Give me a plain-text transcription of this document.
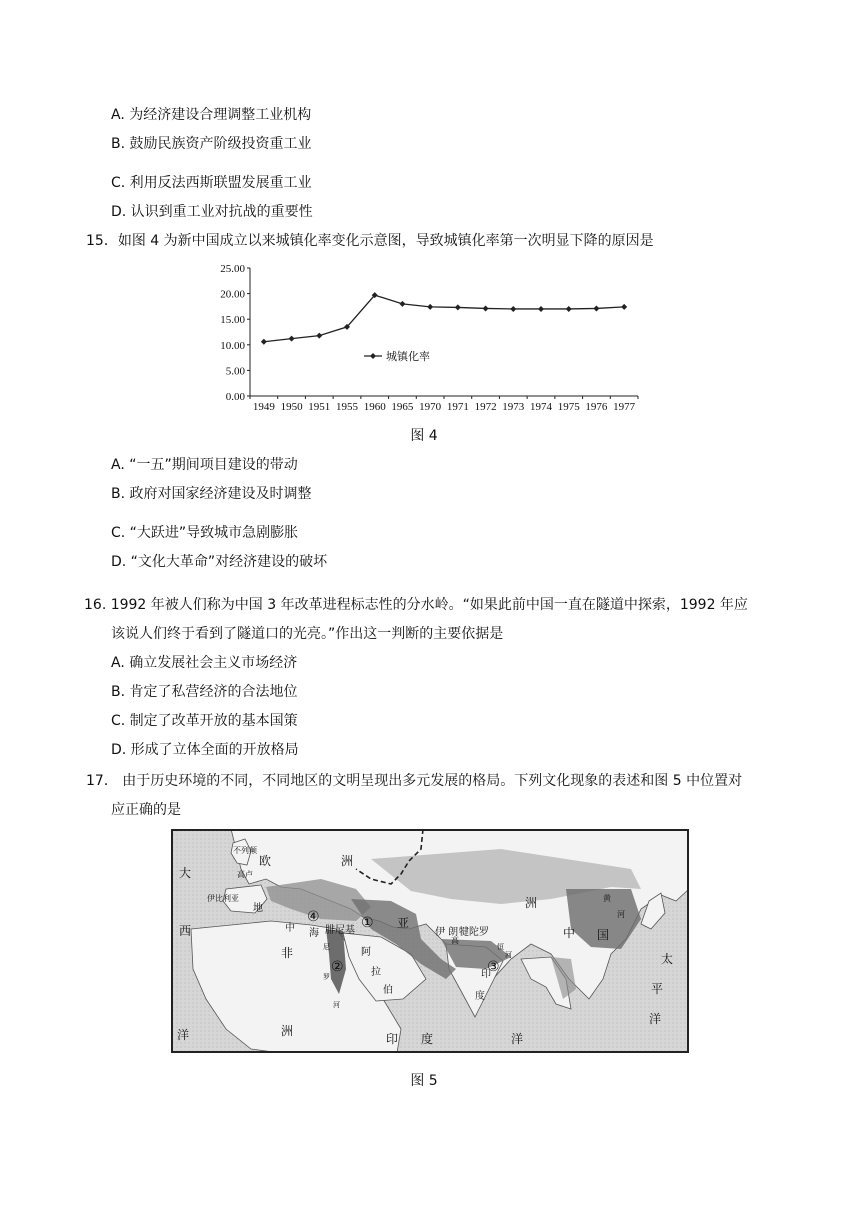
A. 为经济建设合理调整工业机构
B. 鼓励民族资产阶级投资重工业
C. 利用反法西斯联盟发展重工业
D. 认识到重工业对抗战的重要性
15．如图 4 为新中国成立以来城镇化率变化示意图，导致城镇化率第一次明显下降的原因是
0.00
5.00
10.00
15.00
20.00
25.00
1949 1950 1951 1955 1960 1965 1970 1971 1972 1973 1974 1975 1976 1977
城镇化率
图 4
A. “一五”期间项目建设的带动
B. 政府对国家经济建设及时调整
C. “大跃进”导致城市急剧膨胀
D. “文化大革命”对经济建设的破坏
16. 1992 年被人们称为中国 3 年改革进程标志性的分水岭。“如果此前中国一直在隧道中探索，1992 年应
该说人们终于看到了隧道口的光亮。”作出这一判断的主要依据是
A. 确立发展社会主义市场经济
B. 肯定了私营经济的合法地位
C. 制定了改革开放的基本国策
D. 形成了立体全面的开放格局
17． 由于历史环境的不同，不同地区的文明呈现出多元发展的格局。下列文化现象的表述和图 5 中位置对
应正确的是
不列颠
欧	洲
大	高卢
伊比利亚
地
西	中 海 腓尼基
亚
伊 朗
高
犍陀罗
洲	黄
河
中 国
非	阿
拉
伯
印
度
恒
河
尼
罗
河
太
平
洋
洋	洲
印 度	洋
①
②	③
④
图 5
